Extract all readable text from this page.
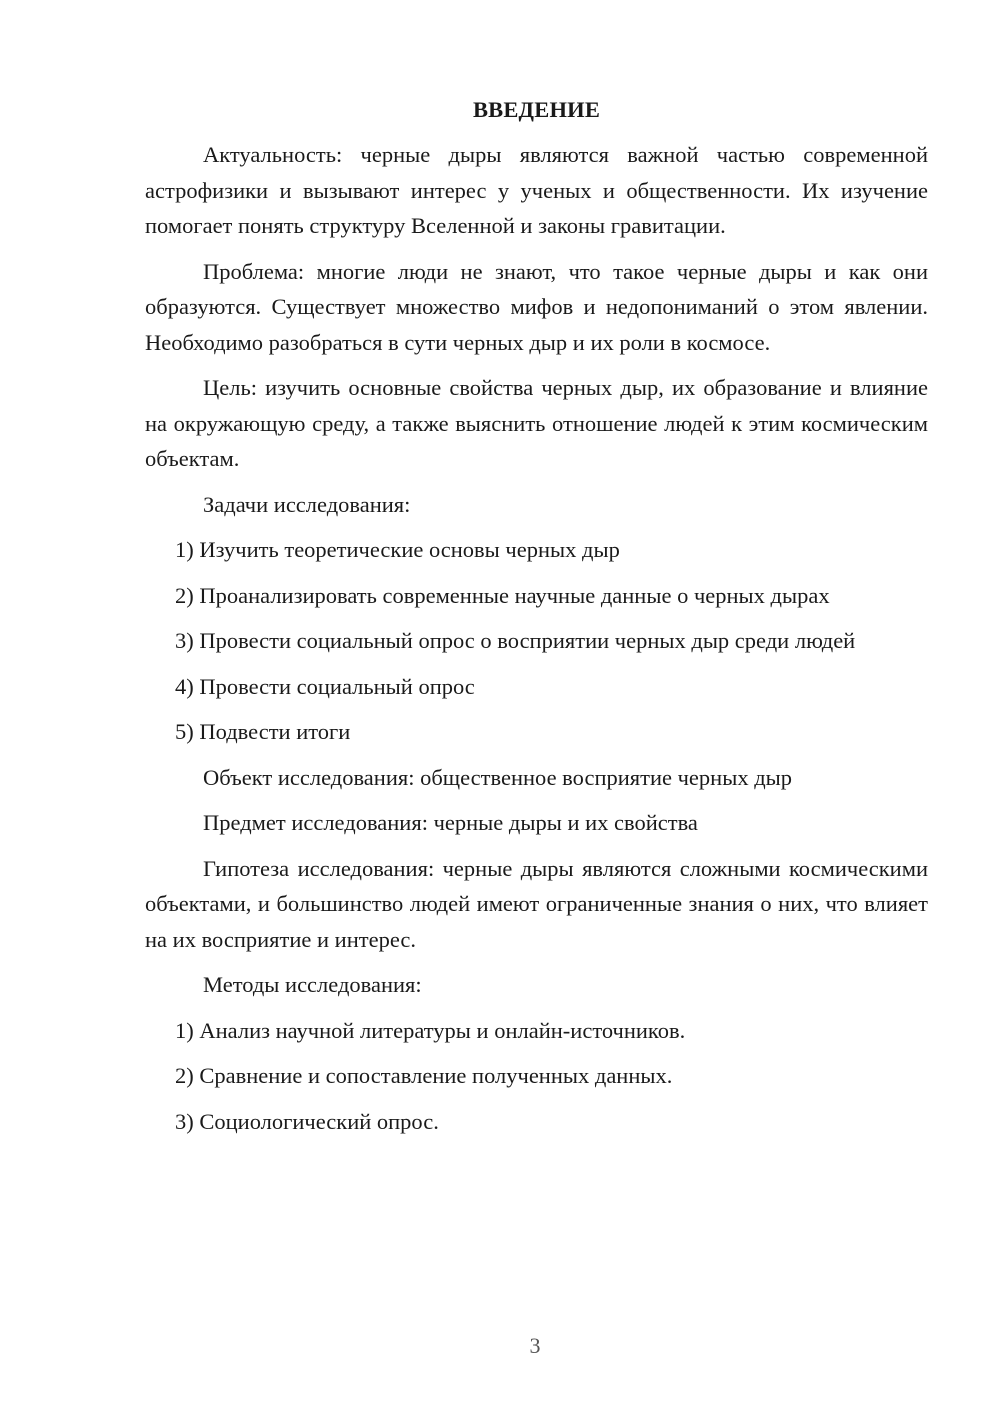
ВВЕДЕНИЕ

Актуальность: черные дыры являются важной частью современной астрофизики и вызывают интерес у ученых и общественности. Их изучение помогает понять структуру Вселенной и законы гравитации.

Проблема: многие люди не знают, что такое черные дыры и как они образуются. Существует множество мифов и недопониманий о этом явлении. Необходимо разобраться в сути черных дыр и их роли в космосе.

Цель: изучить основные свойства черных дыр, их образование и влияние на окружающую среду, а также выяснить отношение людей к этим космическим объектам.

Задачи исследования:
1) Изучить теоретические основы черных дыр
2) Проанализировать современные научные данные о черных дырах
3) Провести социальный опрос о восприятии черных дыр среди людей
4) Провести социальный опрос
5) Подвести итоги
Объект исследования: общественное восприятие черных дыр
Предмет исследования: черные дыры и их свойства

Гипотеза исследования: черные дыры являются сложными космическими объектами, и большинство людей имеют ограниченные знания о них, что влияет на их восприятие и интерес.

Методы исследования:
1) Анализ научной литературы и онлайн-источников.
2) Сравнение и сопоставление полученных данных.
3) Социологический опрос.
3
